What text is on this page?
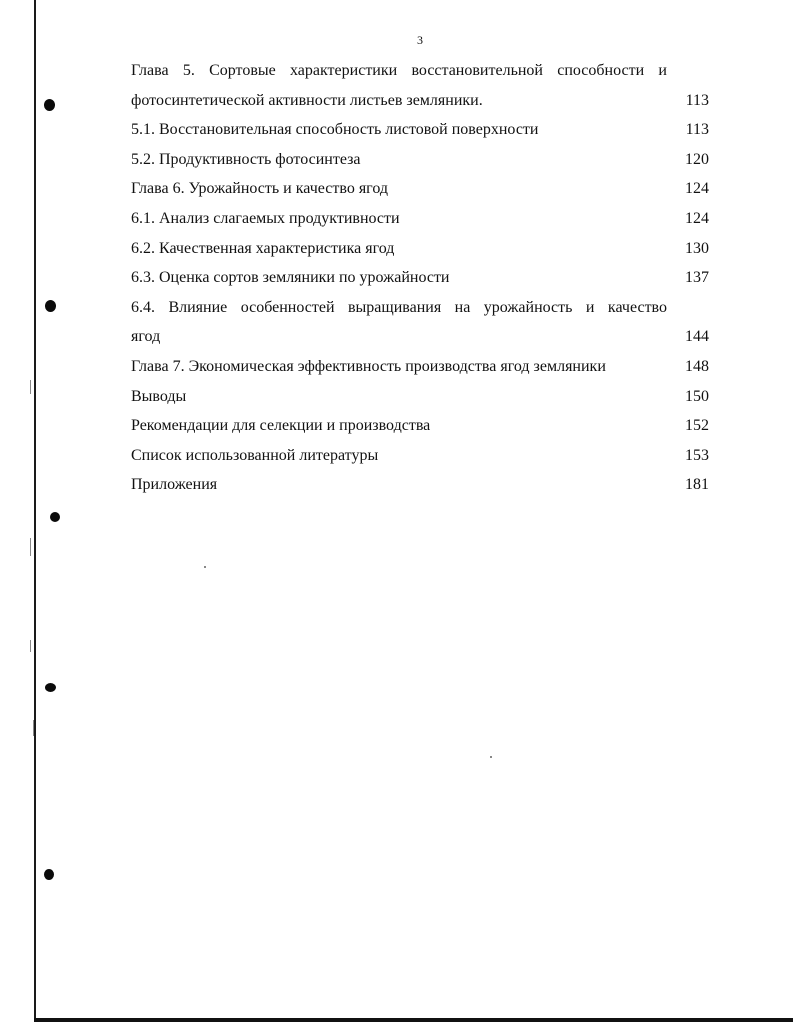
3
Глава 5. Сортовые характеристики восстановительной способности и
фотосинтетической активности листьев земляники.	113
5.1. Восстановительная способность листовой поверхности	113
5.2. Продуктивность фотосинтеза	120
Глава 6. Урожайность и качество ягод	124
6.1. Анализ слагаемых продуктивности	124
6.2. Качественная характеристика ягод	130
6.3. Оценка сортов земляники по урожайности	137
6.4. Влияние особенностей выращивания на урожайность и качество
ягод	144
Глава 7. Экономическая эффективность производства ягод земляники	148
Выводы	150
Рекомендации для селекции и производства	152
Список использованной литературы	153
Приложения	181
